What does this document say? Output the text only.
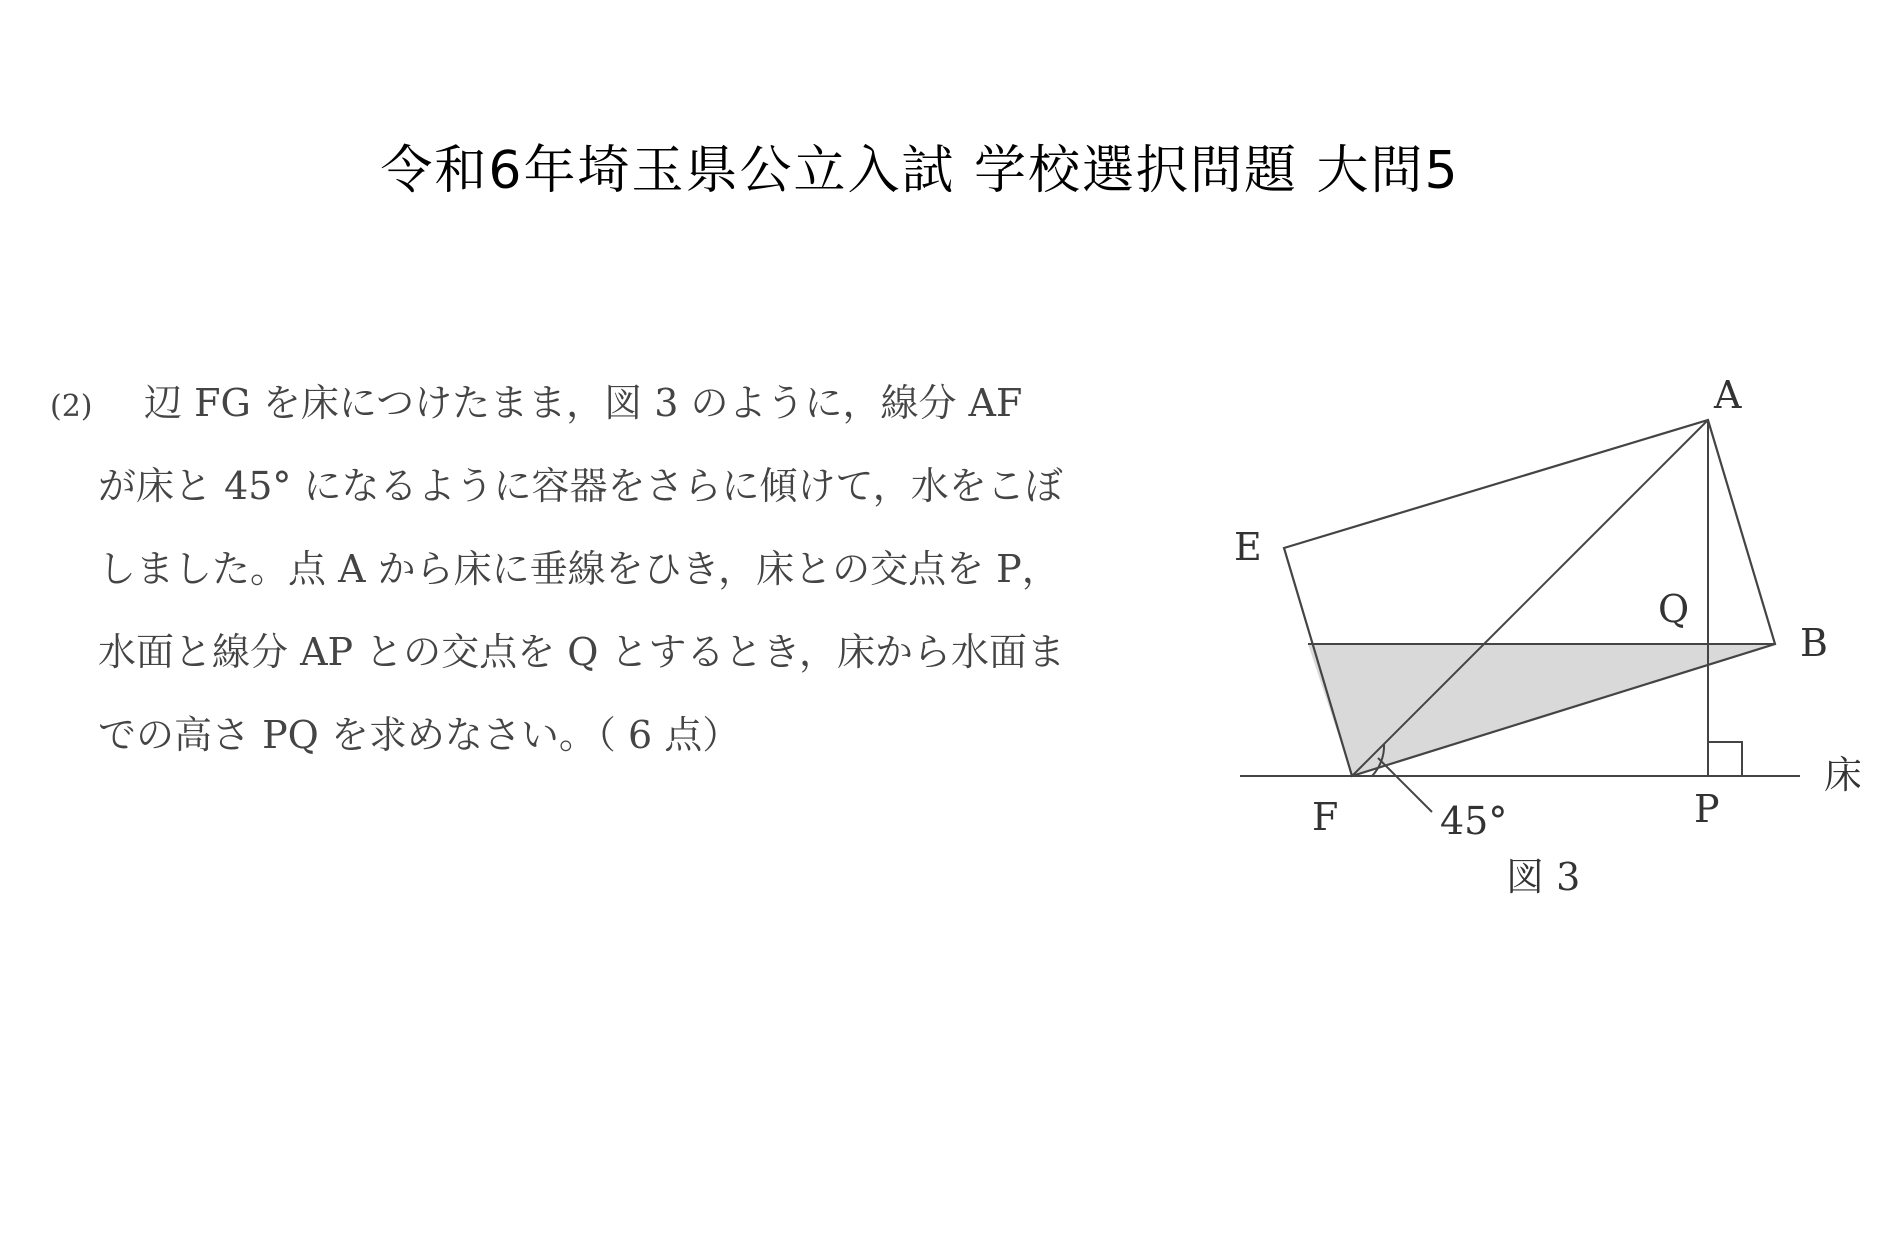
令和6年埼玉県公立入試 学校選択問題 大問5
(2) 辺 FG を床につけたまま，図 3 のように，線分 AF
が床と 45° になるように容器をさらに傾けて，水をこぼ
しました。点 A から床に垂線をひき，床との交点を P，
水面と線分 AP との交点を Q とするとき，床から水面ま
での高さ PQ を求めなさい。（ 6 点）
A
B
E
F	P
Q
床
45°
図 3
